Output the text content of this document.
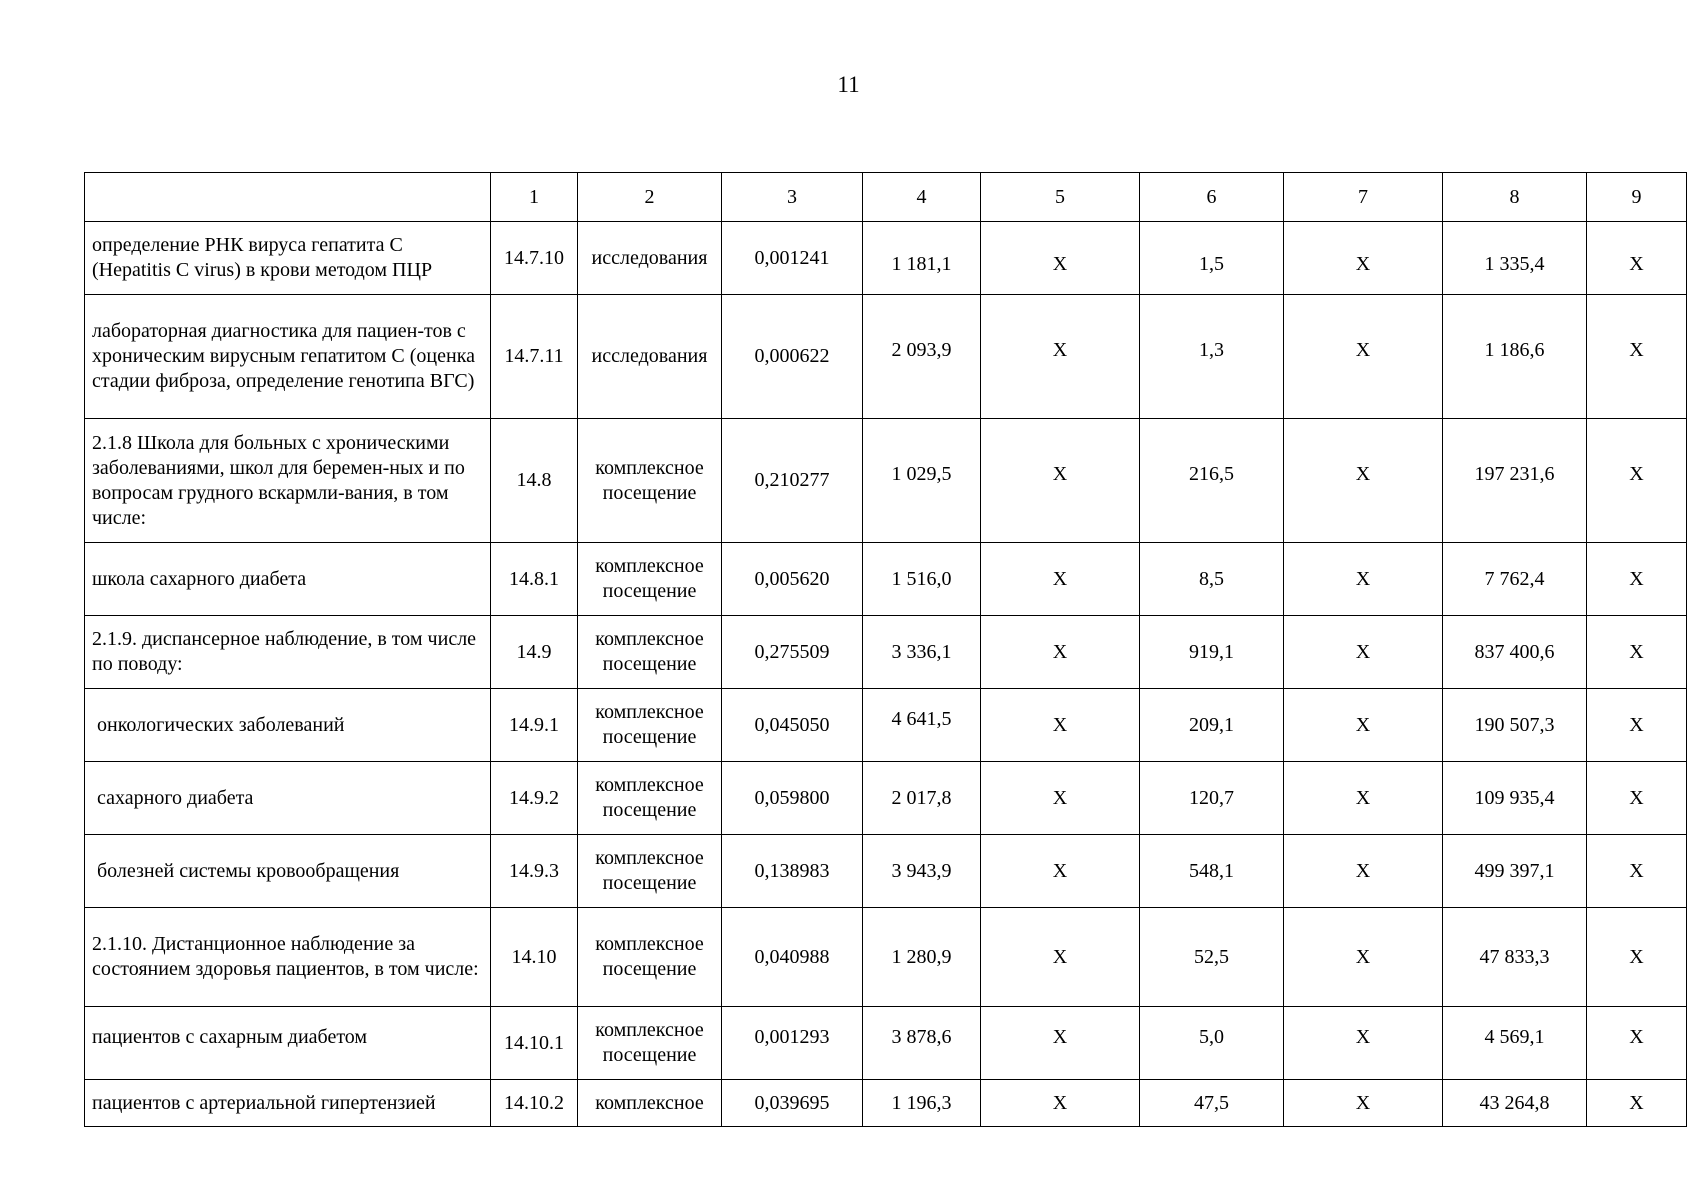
11
	1	2	3	4	5	6	7	8	9
определение РНК вируса гепатита C (Hepatitis C virus) в крови методом ПЦР	14.7.10	исследования	0,001241	1 181,1	Х	1,5	Х	1 335,4	Х
лабораторная диагностика для пациен-тов с хроническим вирусным гепатитом C (оценка стадии фиброза, определение генотипа ВГС)	14.7.11	исследования	0,000622	2 093,9	Х	1,3	Х	1 186,6	Х
2.1.8 Школа для больных с хроническими заболеваниями, школ для беремен-ных и по вопросам грудного вскармли-вания, в том числе:	14.8	комплексное посещение	0,210277	1 029,5	Х	216,5	Х	197 231,6	Х
школа сахарного диабета	14.8.1	комплексное посещение	0,005620	1 516,0	Х	8,5	Х	7 762,4	Х
2.1.9. диспансерное наблюдение, в том числе по поводу:	14.9	комплексное посещение	0,275509	3 336,1	Х	919,1	Х	837 400,6	Х
онкологических заболеваний	14.9.1	комплексное посещение	0,045050	4 641,5	Х	209,1	Х	190 507,3	Х
сахарного диабета	14.9.2	комплексное посещение	0,059800	2 017,8	Х	120,7	Х	109 935,4	Х
болезней системы кровообращения	14.9.3	комплексное посещение	0,138983	3 943,9	Х	548,1	Х	499 397,1	Х
2.1.10. Дистанционное наблюдение за состоянием здоровья пациентов, в том числе:	14.10	комплексное посещение	0,040988	1 280,9	Х	52,5	Х	47 833,3	Х
пациентов с сахарным диабетом	14.10.1	комплексное посещение	0,001293	3 878,6	Х	5,0	Х	4 569,1	Х
пациентов с артериальной гипертензией	14.10.2	комплексное	0,039695	1 196,3	Х	47,5	Х	43 264,8	Х
